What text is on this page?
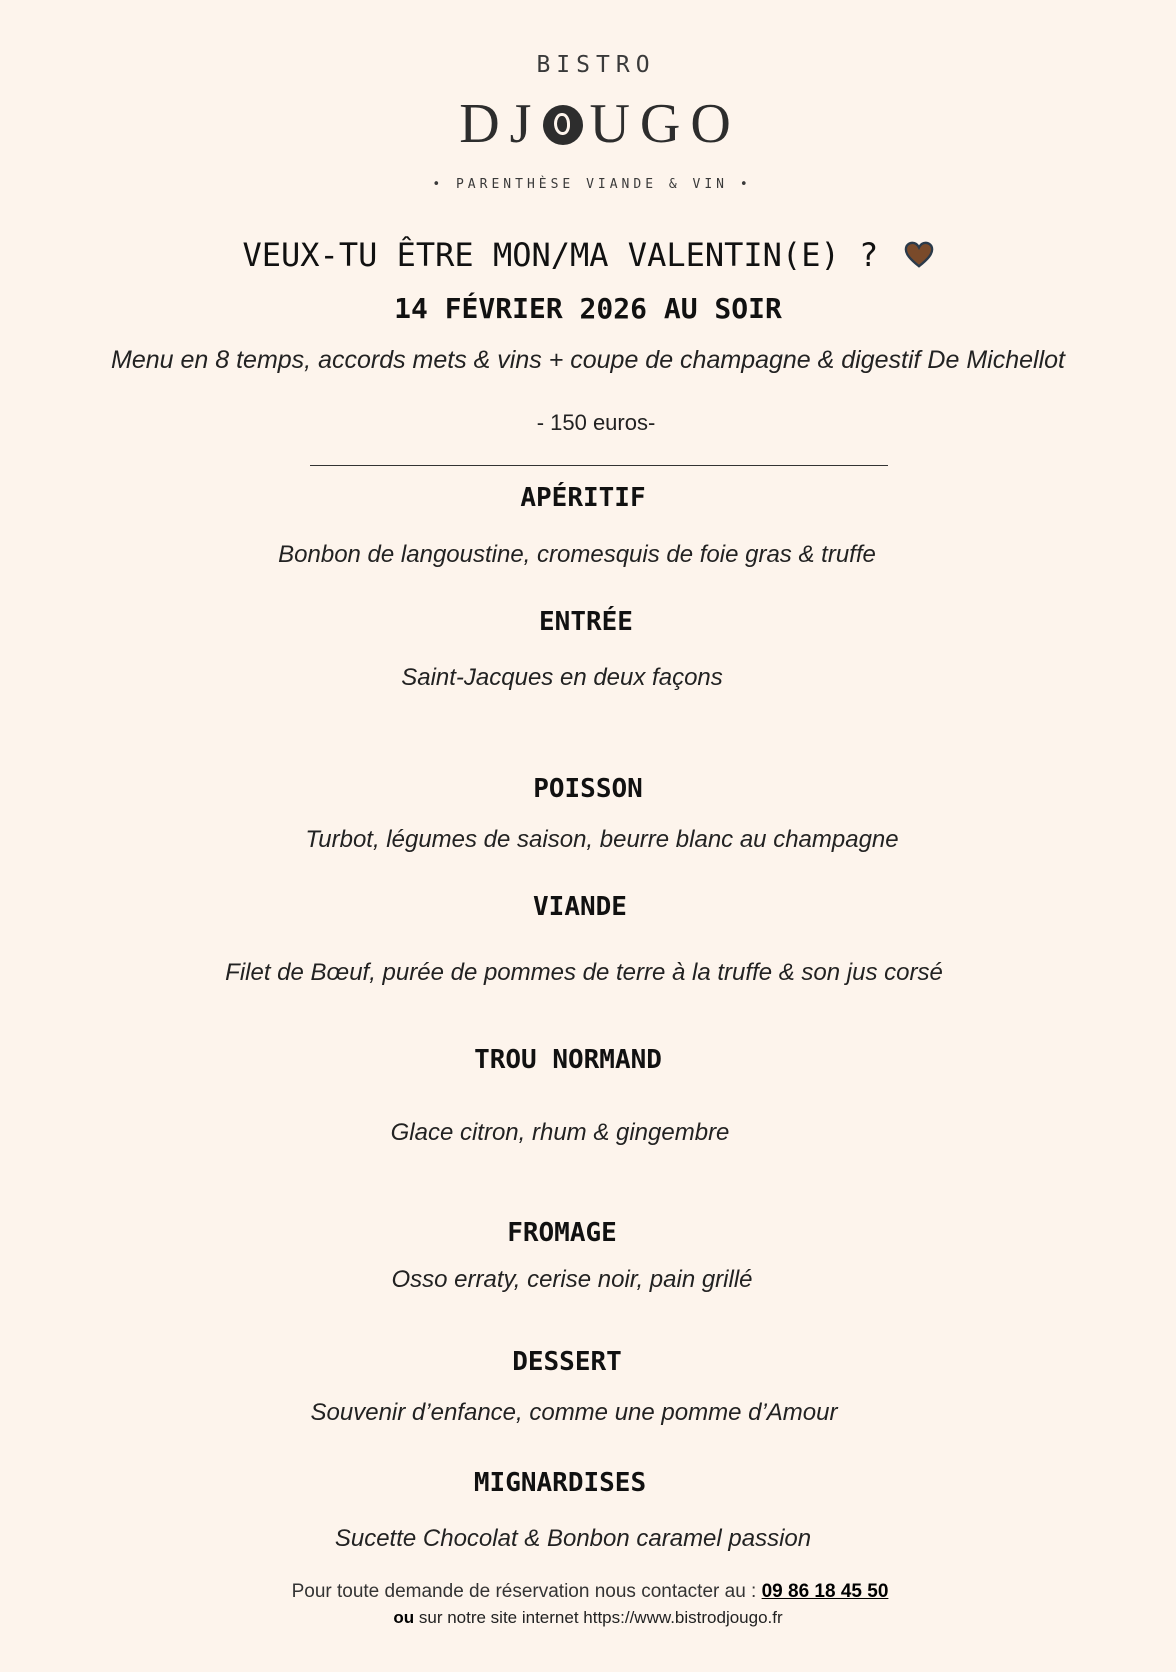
BISTRO
DJ UGO
• PARENTHÈSE VIANDE & VIN •
VEUX-TU ÊTRE MON/MA VALENTIN(E) ?
14 FÉVRIER 2026 AU SOIR
Menu en 8 temps, accords mets & vins + coupe de champagne & digestif De Michellot
- 150 euros-
APÉRITIF
Bonbon de langoustine, cromesquis de foie gras & truffe
ENTRÉE
Saint-Jacques en deux façons
POISSON
Turbot, légumes de saison, beurre blanc au champagne
VIANDE
Filet de Bœuf, purée de pommes de terre à la truffe & son jus corsé
TROU NORMAND
Glace citron, rhum & gingembre
FROMAGE
Osso erraty, cerise noir, pain grillé
DESSERT
Souvenir d’enfance, comme une pomme d’Amour
MIGNARDISES
Sucette Chocolat & Bonbon caramel passion
Pour toute demande de réservation nous contacter au : 09 86 18 45 50
ou sur notre site internet https://www.bistrodjougo.fr
